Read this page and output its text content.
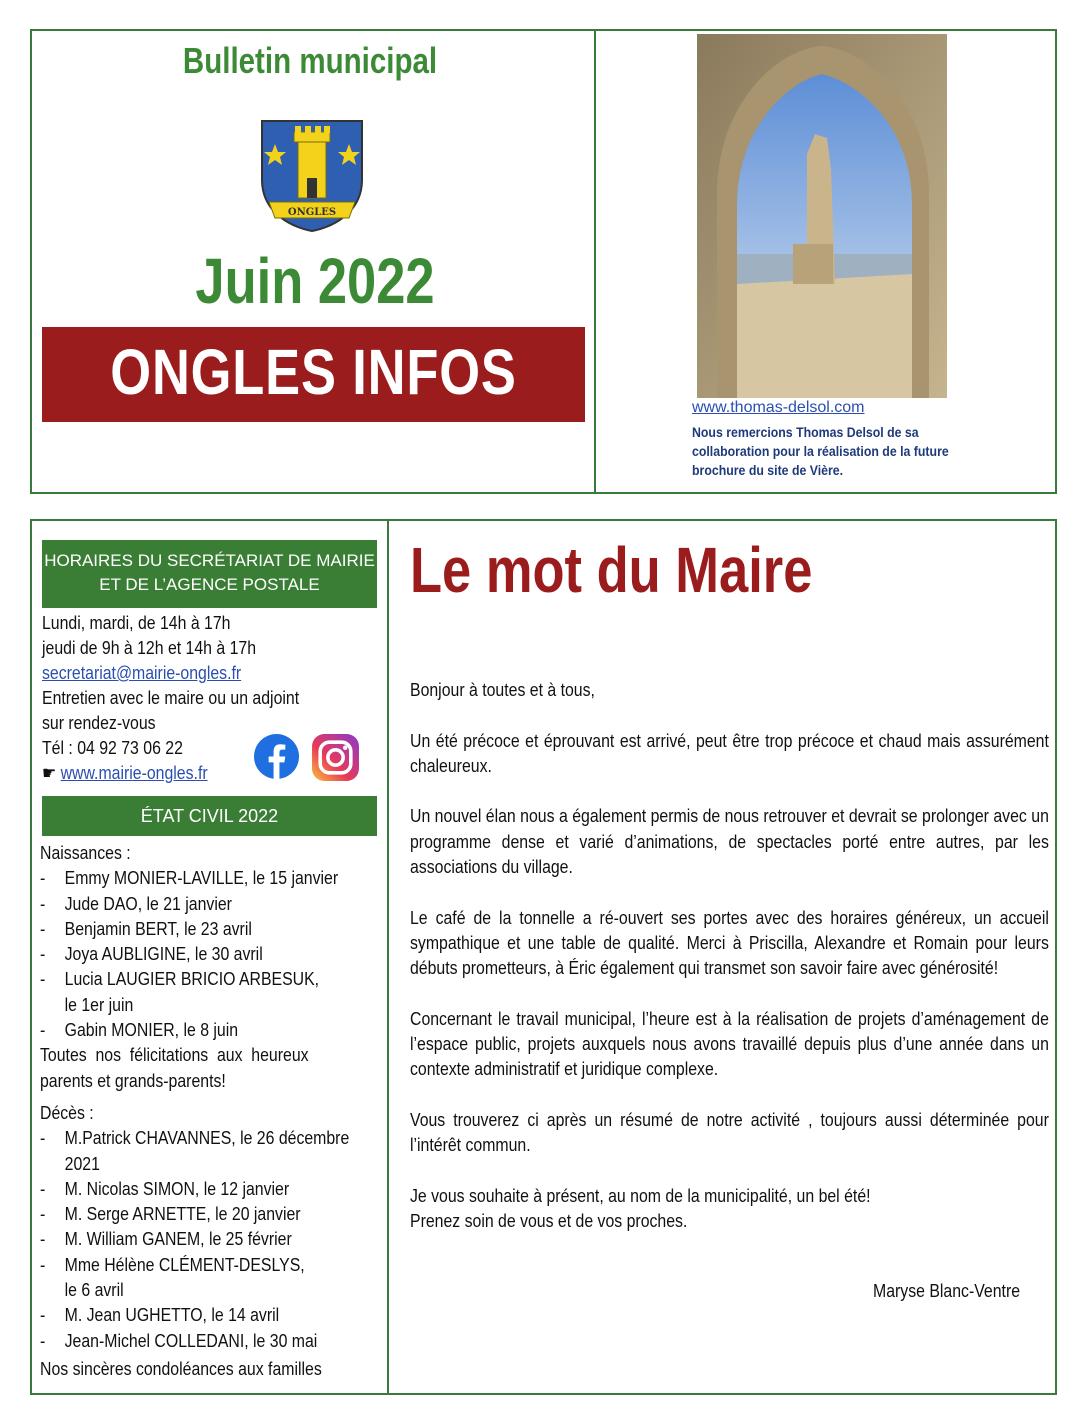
Bulletin municipal
ONGLES
Juin 2022
ONGLES INFOS	www.thomas-delsol.com
Nous remercions Thomas Delsol de sa collaboration pour la réalisation de la future brochure du site de Vière.
HORAIRES DU SECRÉTARIAT DE MAIRIE
ET DE L’AGENCE POSTALE
Lundi, mardi, de 14h à 17h
jeudi de 9h à 12h et 14h à 17h
secretariat@mairie-ongles.fr
Entretien avec le maire ou un adjoint
sur rendez-vous
Tél : 04 92 73 06 22
☛ www.mairie-ongles.fr
ÉTAT CIVIL 2022
Naissances :
- Emmy MONIER-LAVILLE, le 15 janvier
- Jude DAO, le 21 janvier
- Benjamin BERT, le 23 avril
- Joya AUBLIGINE, le 30 avril
- Lucia LAUGIER BRICIO ARBESUK,
le 1er juin
- Gabin MONIER, le 8 juin
Toutes  nos  félicitations  aux  heureux
parents et grands-parents!
Décès :
- M.Patrick CHAVANNES, le 26 décembre
2021
- M. Nicolas SIMON, le 12 janvier
- M. Serge ARNETTE, le 20 janvier
- M. William GANEM, le 25 février
- Mme Hélène CLÉMENT-DESLYS,
le 6 avril
- M. Jean UGHETTO, le 14 avril
- Jean-Michel COLLEDANI, le 30 mai
Nos sincères condoléances aux familles
Le mot du Maire

Bonjour à toutes et à tous,

Un été précoce et éprouvant est arrivé, peut être trop précoce et chaud mais assurément chaleureux.

Un nouvel élan nous a également permis de nous retrouver et devrait se prolonger avec un programme dense et varié d’animations, de spectacles porté entre autres, par les associations du village.

Le café de la tonnelle a ré-ouvert ses portes avec des horaires généreux, un accueil sympathique et une table de qualité. Merci à Priscilla, Alexandre et Romain pour leurs débuts prometteurs, à Éric également qui transmet son savoir faire avec générosité!

Concernant le travail municipal, l’heure est à la réalisation de projets d’aménagement de l’espace public, projets auxquels nous avons travaillé depuis plus d’une année dans un contexte administratif et juridique complexe.

Vous trouverez ci après un résumé de notre activité , toujours aussi déterminée pour l’intérêt commun.

Je vous souhaite à présent, au nom de la municipalité, un bel été!
Prenez soin de vous et de vos proches.
Maryse Blanc-Ventre
